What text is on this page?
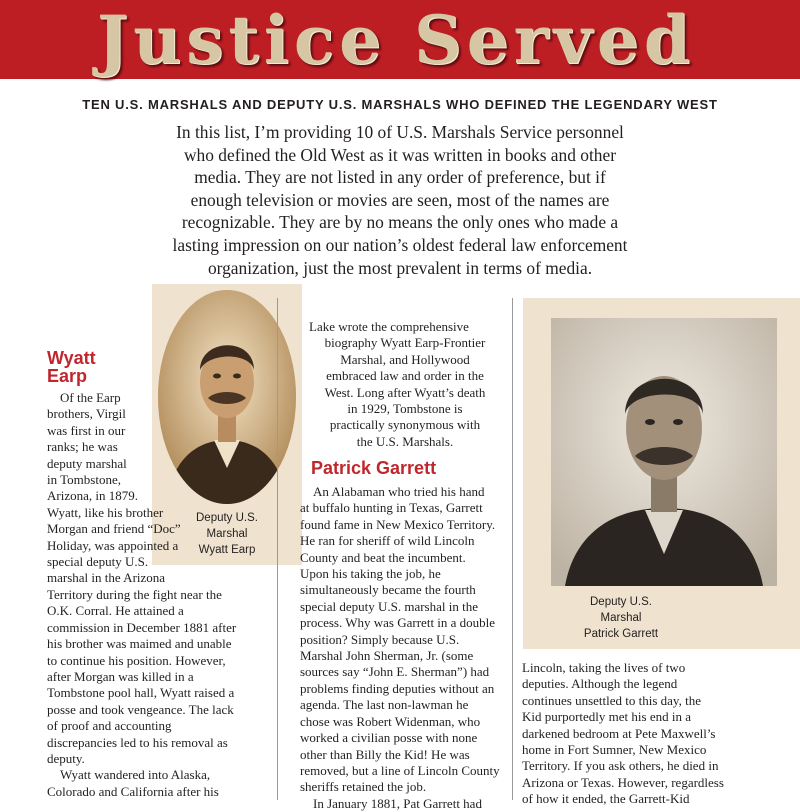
Justice Served
TEN U.S. MARSHALS AND DEPUTY U.S. MARSHALS WHO DEFINED THE LEGENDARY WEST
In this list, I’m providing 10 of U.S. Marshals Service personnel
who defined the Old West as it was written in books and other
media. They are not listed in any order of preference, but if
enough television or movies are seen, most of the names are
recognizable. They are by no means the only ones who made a
lasting impression on our nation’s oldest federal law enforcement
organization, just the most prevalent in terms of media.
Deputy U.S.
Marshal
Wyatt Earp
Wyatt
Earp
Of the Earp
brothers, Virgil
was first in our
ranks; he was
deputy marshal
in Tombstone,
Arizona, in 1879.
Wyatt, like his brother
Morgan and friend “Doc”
Holiday, was appointed a
special deputy U.S.
marshal in the Arizona
Territory during the fight near the
O.K. Corral. He attained a
commission in December 1881 after
his brother was maimed and unable
to continue his position. However,
after Morgan was killed in a
Tombstone pool hall, Wyatt raised a
posse and took vengeance. The lack
of proof and accounting
discrepancies led to his removal as
deputy.
Wyatt wandered into Alaska,
Colorado and California after his
Lake wrote the comprehensive
biography Wyatt Earp-Frontier
Marshal, and Hollywood
embraced law and order in the
West. Long after Wyatt’s death
in 1929, Tombstone is
practically synonymous with
the U.S. Marshals.
Patrick Garrett
An Alabaman who tried his hand
at buffalo hunting in Texas, Garrett
found fame in New Mexico Territory.
He ran for sheriff of wild Lincoln
County and beat the incumbent.
Upon his taking the job, he
simultaneously became the fourth
special deputy U.S. marshal in the
process. Why was Garrett in a double
position? Simply because U.S.
Marshal John Sherman, Jr. (some
sources say “John E. Sherman”) had
problems finding deputies without an
agenda. The last non-lawman he
chose was Robert Widenman, who
worked a civilian posse with none
other than Billy the Kid! He was
removed, but a line of Lincoln County
sheriffs retained the job.
In January 1881, Pat Garrett had
Deputy U.S.
Marshal
Patrick Garrett
Lincoln, taking the lives of two
deputies. Although the legend
continues unsettled to this day, the
Kid purportedly met his end in a
darkened bedroom at Pete Maxwell’s
home in Fort Sumner, New Mexico
Territory. If you ask others, he died in
Arizona or Texas. However, regardless
of how it ended, the Garrett-Kid
